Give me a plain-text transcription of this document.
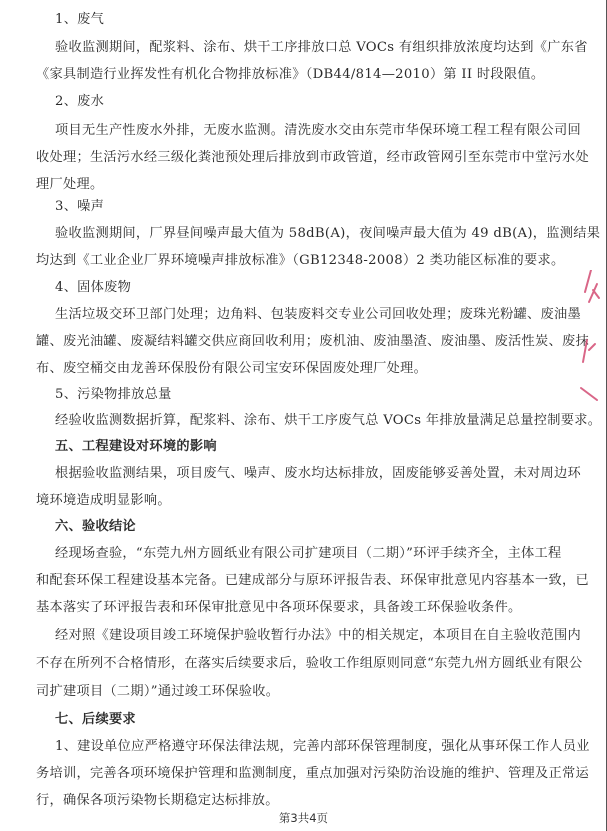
1、废气
验收监测期间，配浆料、涂布、烘干工序排放口总 VOCs 有组织排放浓度均达到《广东省
《家具制造行业挥发性有机化合物排放标准》（DB44/814—2010）第 II 时段限值。
2、废水
项目无生产性废水外排，无废水监测。清洗废水交由东莞市华保环境工程工程有限公司回
收处理；生活污水经三级化粪池预处理后排放到市政管道，经市政管网引至东莞市中堂污水处
理厂处理。
3、噪声
验收监测期间，厂界昼间噪声最大值为 58dB(A)，夜间噪声最大值为 49 dB(A)，监测结果
均达到《工业企业厂界环境噪声排放标准》（GB12348-2008）2 类功能区标准的要求。
4、固体废物
生活垃圾交环卫部门处理；边角料、包装废料交专业公司回收处理；废珠光粉罐、废油墨
罐、废光油罐、废凝结料罐交供应商回收利用；废机油、废油墨渣、废油墨、废活性炭、废抹
布、废空桶交由龙善环保股份有限公司宝安环保固废处理厂处理。
5、污染物排放总量
经验收监测数据折算，配浆料、涂布、烘干工序废气总 VOCs 年排放量满足总量控制要求。
五、工程建设对环境的影响
根据验收监测结果，项目废气、噪声、废水均达标排放，固废能够妥善处置，未对周边环
境环境造成明显影响。
六、验收结论
经现场查验，“东莞九州方圆纸业有限公司扩建项目（二期）”环评手续齐全，主体工程
和配套环保工程建设基本完备。已建成部分与原环评报告表、环保审批意见内容基本一致，已
基本落实了环评报告表和环保审批意见中各项环保要求，具备竣工环保验收条件。
经对照《建设项目竣工环境保护验收暂行办法》中的相关规定，本项目在自主验收范围内
不存在所列不合格情形，在落实后续要求后，验收工作组原则同意“东莞九州方圆纸业有限公
司扩建项目（二期）”通过竣工环保验收。
七、后续要求
1、建设单位应严格遵守环保法律法规，完善内部环保管理制度，强化从事环保工作人员业
务培训，完善各项环境保护管理和监测制度，重点加强对污染防治设施的维护、管理及正常运
行，确保各项污染物长期稳定达标排放。
第3共4页
